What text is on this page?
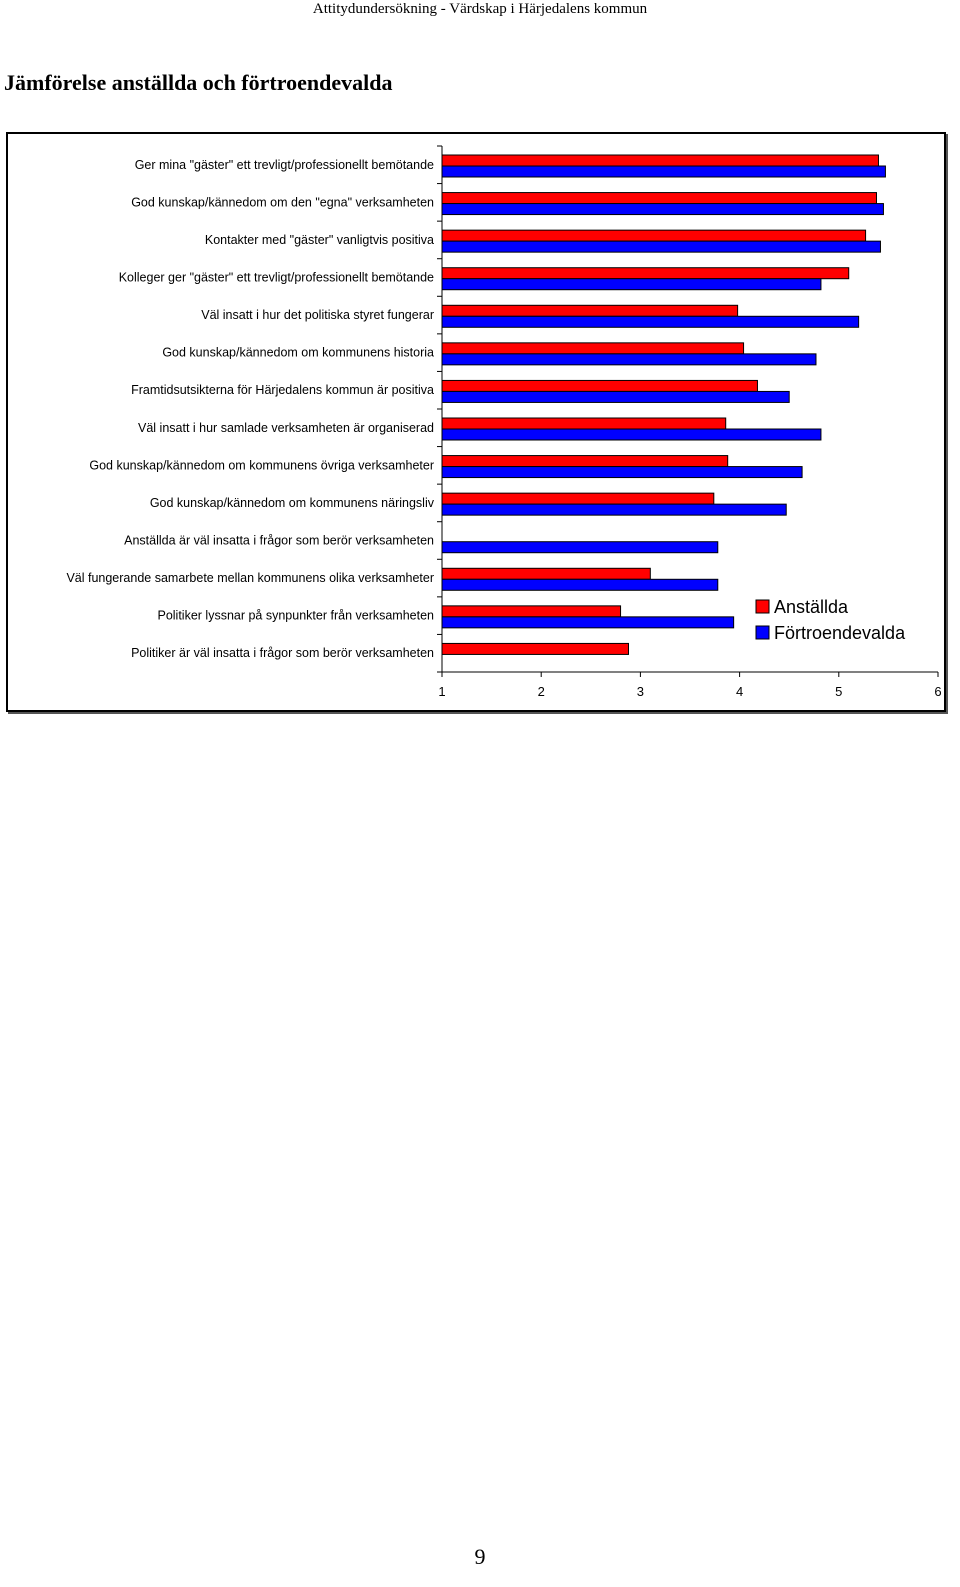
Attitydundersökning - Värdskap i Härjedalens kommun
Jämförelse anställda och förtroendevalda
Ger mina "gäster" ett trevligt/professionellt bemötande
God kunskap/kännedom om den "egna" verksamheten
Kontakter med "gäster" vanligtvis positiva
Kolleger ger "gäster" ett trevligt/professionellt bemötande
Väl insatt i hur det politiska styret fungerar
God kunskap/kännedom om kommunens historia
Framtidsutsikterna för Härjedalens kommun är positiva
Väl insatt i hur samlade verksamheten är organiserad
God kunskap/kännedom om kommunens övriga verksamheter
God kunskap/kännedom om kommunens näringsliv
Anställda är väl insatta i frågor som berör verksamheten
Väl fungerande samarbete mellan kommunens olika verksamheter
Politiker lyssnar på synpunkter från verksamheten
Politiker är väl insatta i frågor som berör verksamheten
1	2	3	4	5	6
Anställda
Förtroendevalda
9
